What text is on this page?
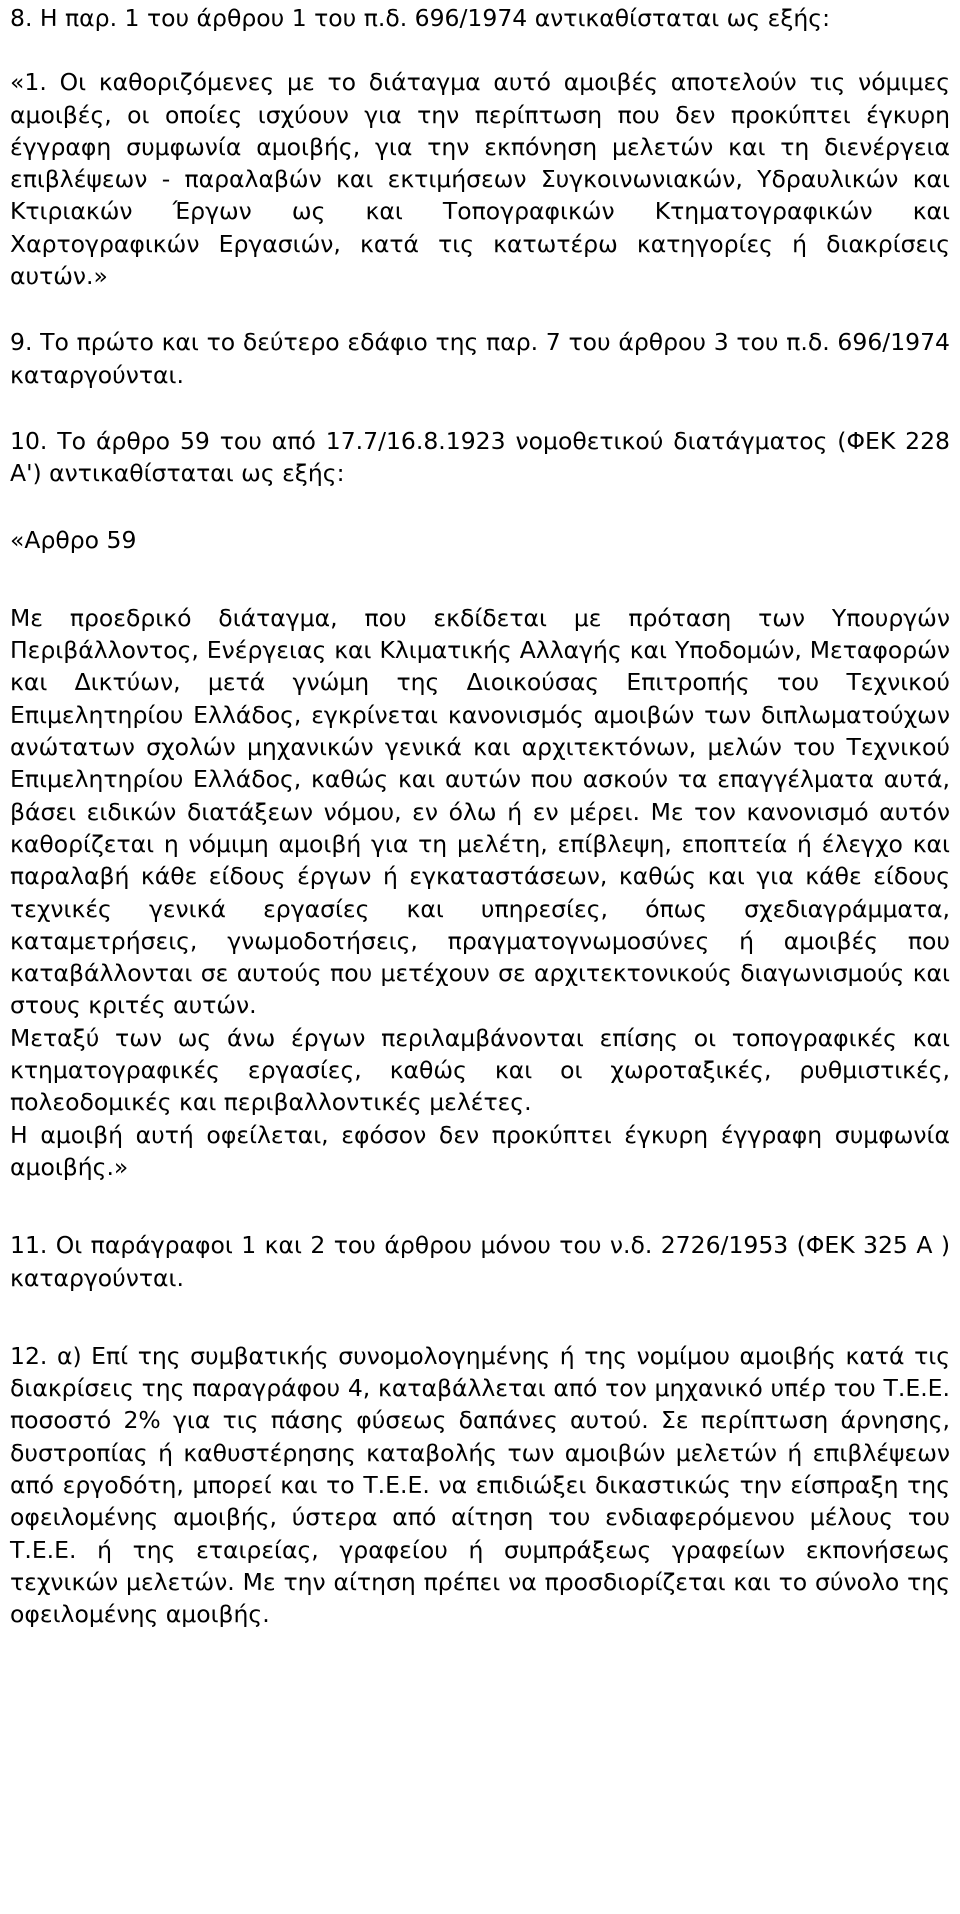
8. Η παρ. 1 του άρθρου 1 του π.δ. 696/1974 αντικαθίσταται ως εξής:

«1. Οι καθοριζόμενες με το διάταγμα αυτό αμοιβές αποτελούν τις νόμιμες αμοιβές, οι οποίες ισχύουν για την περίπτωση που δεν προκύπτει έγκυρη έγγραφη συμφωνία αμοιβής, για την εκπόνηση μελετών και τη διενέργεια επιβλέψεων - παραλαβών και εκτιμήσεων Συγκοινωνιακών, Υδραυλικών και Κτιριακών Έργων ως και Τοπογραφικών Κτηματογραφικών και Χαρτογραφικών Εργασιών, κατά τις κατωτέρω κατηγορίες ή διακρίσεις αυτών.»

9. Το πρώτο και το δεύτερο εδάφιο της παρ. 7 του άρθρου 3 του π.δ. 696/1974 καταργούνται.

10. Το άρθρο 59 του από 17.7/16.8.1923 νομοθετικού διατάγματος (ΦΕΚ 228 Α') αντικαθίσταται ως εξής:

«Αρθρο 59

Με προεδρικό διάταγμα, που εκδίδεται με πρόταση των Υπουργών Περιβάλλοντος, Ενέργειας και Κλιματικής Αλλαγής και Υποδομών, Μεταφορών και Δικτύων, μετά γνώμη της Διοικούσας Επιτροπής του Τεχνικού Επιμελητηρίου Ελλάδος, εγκρίνεται κανονισμός αμοιβών των διπλωματούχων ανώτατων σχολών μηχανικών γενικά και αρχιτεκτόνων, μελών του Τεχνικού Επιμελητηρίου Ελλάδος, καθώς και αυτών που ασκούν τα επαγγέλματα αυτά, βάσει ειδικών διατάξεων νόμου, εν όλω ή εν μέρει. Με τον κανονισμό αυτόν καθορίζεται η νόμιμη αμοιβή για τη μελέτη, επίβλεψη, εποπτεία ή έλεγχο και παραλαβή κάθε είδους έργων ή εγκαταστάσεων, καθώς και για κάθε είδους τεχνικές γενικά εργασίες και υπηρεσίες, όπως σχεδιαγράμματα, καταμετρήσεις, γνωμοδοτήσεις, πραγματογνωμοσύνες ή αμοιβές που καταβάλλονται σε αυτούς που μετέχουν σε αρχιτεκτονικούς διαγωνισμούς και στους κριτές αυτών.

Μεταξύ των ως άνω έργων περιλαμβάνονται επίσης οι τοπογραφικές και κτηματογραφικές εργασίες, καθώς και οι χωροταξικές, ρυθμιστικές, πολεοδομικές και περιβαλλοντικές μελέτες.

Η αμοιβή αυτή οφείλεται, εφόσον δεν προκύπτει έγκυρη έγγραφη συμφωνία αμοιβής.»

11. Οι παράγραφοι 1 και 2 του άρθρου μόνου του ν.δ. 2726/1953 (ΦΕΚ 325 Α ) καταργούνται.

12. α) Επί της συμβατικής συνομολογημένης ή της νομίμου αμοιβής κατά τις διακρίσεις της παραγράφου 4, καταβάλλεται από τον μηχανικό υπέρ του Τ.Ε.Ε. ποσοστό 2% για τις πάσης φύσεως δαπάνες αυτού. Σε περίπτωση άρνησης, δυστροπίας ή καθυστέρησης καταβολής των αμοιβών μελετών ή επιβλέψεων από εργοδότη, μπορεί και το Τ.Ε.Ε. να επιδιώξει δικαστικώς την είσπραξη της οφειλομένης αμοιβής, ύστερα από αίτηση του ενδιαφερόμενου μέλους του Τ.Ε.Ε. ή της εταιρείας, γραφείου ή συμπράξεως γραφείων εκπονήσεως τεχνικών μελετών. Με την αίτηση πρέπει να προσδιορίζεται και το σύνολο της οφειλομένης αμοιβής.
